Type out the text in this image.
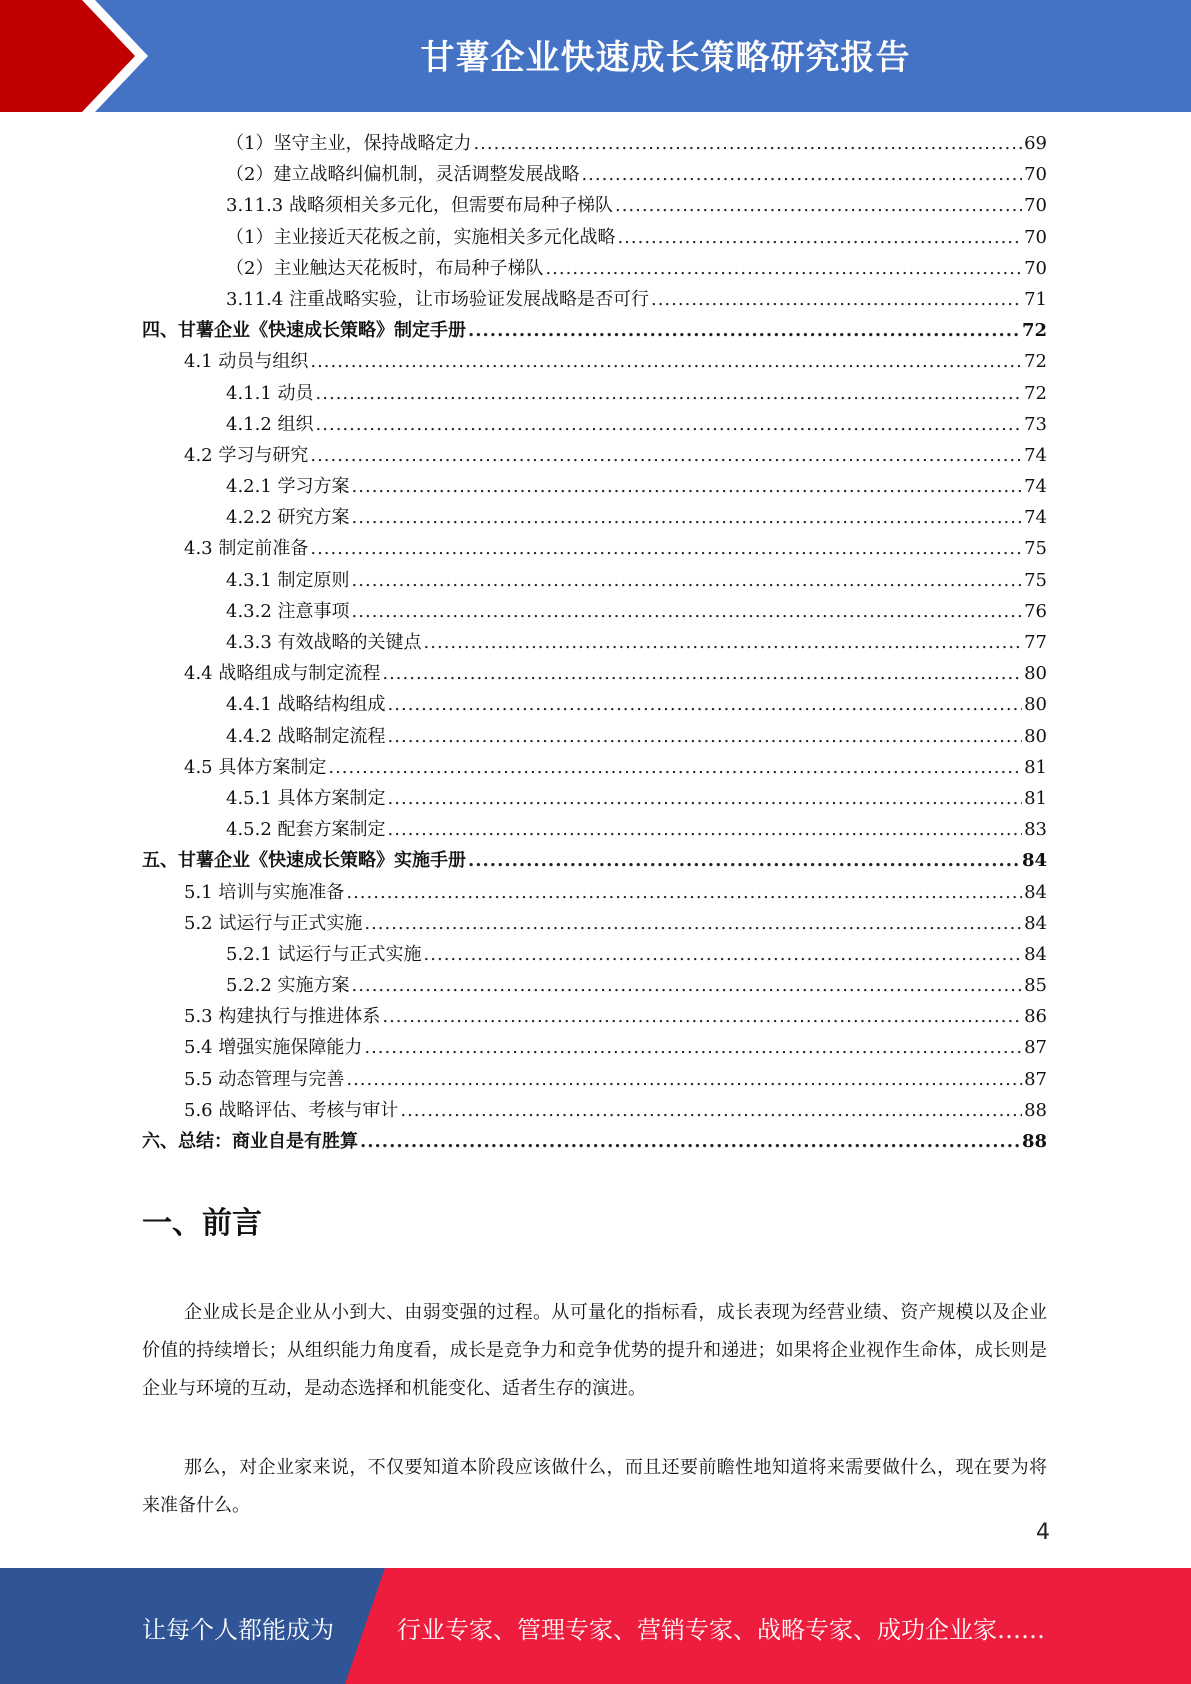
甘薯企业快速成长策略研究报告
（1）坚守主业，保持战略定力 .....	69
（2）建立战略纠偏机制，灵活调整发展战略 .....	70
3.11.3 战略须相关多元化，但需要布局种子梯队 .....	70
（1）主业接近天花板之前，实施相关多元化战略 .....	70
（2）主业触达天花板时，布局种子梯队 .....	70
3.11.4 注重战略实验，让市场验证发展战略是否可行 .....	71
四、甘薯企业《快速成长策略》制定手册 .....	72
4.1 动员与组织 .....	72
4.1.1 动员 .....	72
4.1.2 组织 .....	73
4.2 学习与研究 .....	74
4.2.1 学习方案 .....	74
4.2.2 研究方案 .....	74
4.3 制定前准备 .....	75
4.3.1 制定原则 .....	75
4.3.2 注意事项 .....	76
4.3.3 有效战略的关键点 .....	77
4.4 战略组成与制定流程 .....	80
4.4.1 战略结构组成 .....	80
4.4.2 战略制定流程 .....	80
4.5 具体方案制定 .....	81
4.5.1 具体方案制定 .....	81
4.5.2 配套方案制定 .....	83
五、甘薯企业《快速成长策略》实施手册 .....	84
5.1 培训与实施准备 .....	84
5.2 试运行与正式实施 .....	84
5.2.1 试运行与正式实施 .....	84
5.2.2 实施方案 .....	85
5.3 构建执行与推进体系 .....	86
5.4 增强实施保障能力 .....	87
5.5 动态管理与完善 .....	87
5.6 战略评估、考核与审计 .....	88
六、总结：商业自是有胜算 .....	88
一、前言

企业成长是企业从小到大、由弱变强的过程。从可量化的指标看，成长表现为经营业绩、资产规模以及企业价值的持续增长；从组织能力角度看，成长是竞争力和竞争优势的提升和递进；如果将企业视作生命体，成长则是企业与环境的互动，是动态选择和机能变化、适者生存的演进。

那么，对企业家来说，不仅要知道本阶段应该做什么，而且还要前瞻性地知道将来需要做什么，现在要为将来准备什么。

4
让每个人都能成为	行业专家、管理专家、营销专家、战略专家、成功企业家……
